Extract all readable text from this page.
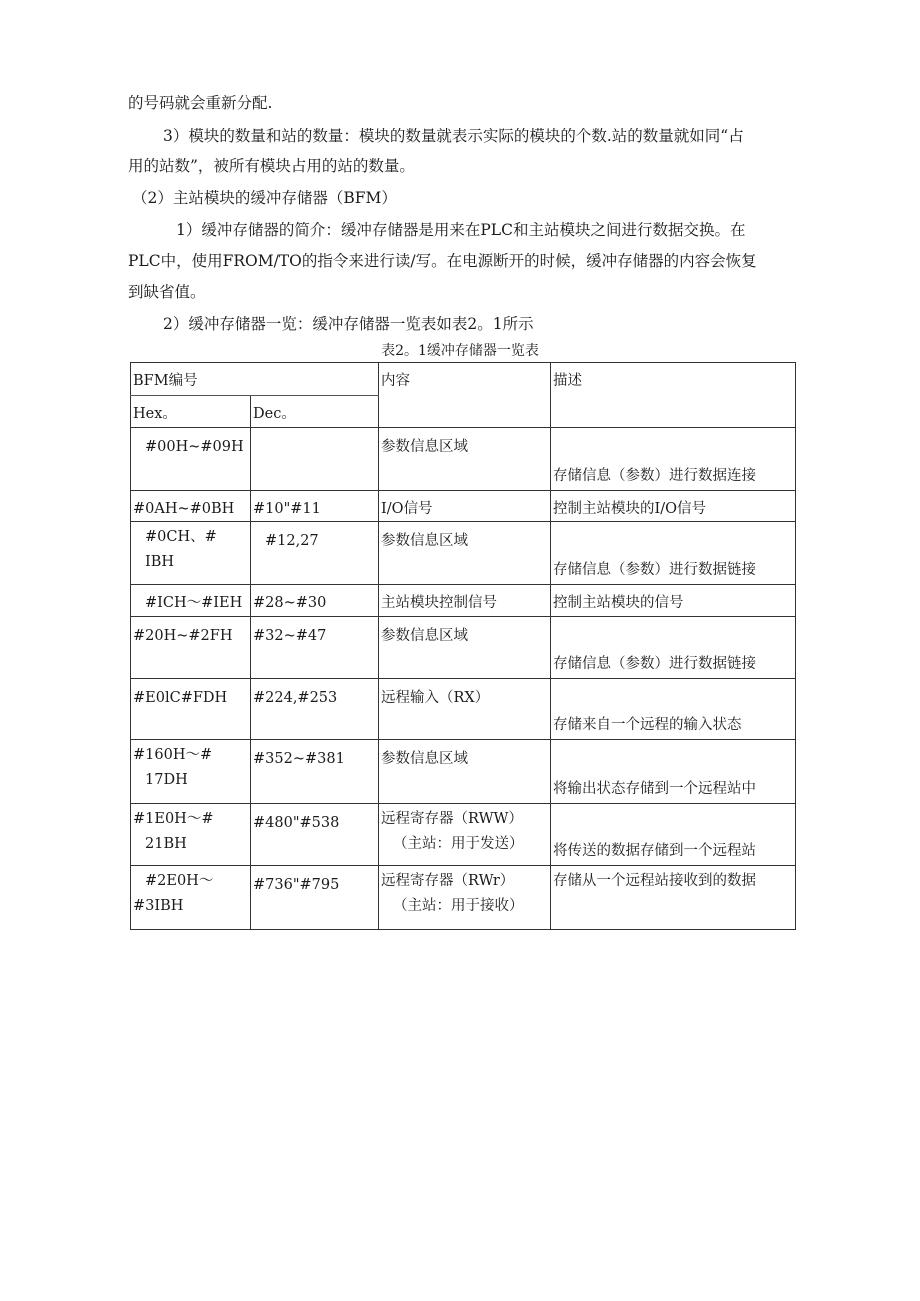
的号码就会重新分配.
3）模块的数量和站的数量：模块的数量就表示实际的模块的个数.站的数量就如同“占
用的站数”，被所有模块占用的站的数量。
（2）主站模块的缓冲存储器（BFM）
1）缓冲存储器的简介：缓冲存储器是用来在PLC和主站模块之间进行数据交换。在
PLC中，使用FROM/TO的指令来进行读/写。在电源断开的时候，缓冲存储器的内容会恢复
到缺省值。
2）缓冲存储器一览：缓冲存储器一览表如表2。1所示
表2。1缓冲存储器一览表
BFM编号		内容	描述

Hex。	Dec。		

#00H~#09H		参数信息区域	存储信息（参数）进行数据连接

#0AH~#0BH	#10"#11	I/O信号	控制主站模块的I/O信号

#0CH、#
IBH	#12,27	参数信息区域	存储信息（参数）进行数据链接

#ICH～#IEH	#28~#30	主站模块控制信号	控制主站模块的信号

#20H~#2FH	#32~#47	参数信息区域	存储信息（参数）进行数据链接

#E0lC#FDH	#224,#253	远程输入（RX）	存储来自一个远程的输入状态

#160H～#
17DH	#352~#381	参数信息区域	将输出状态存储到一个远程站中

#1E0H～#
21BH	#480"#538	远程寄存器（RWW）
（主站：用于发送）	将传送的数据存储到一个远程站

#2E0H～
#3IBH	#736"#795	远程寄存器（RWr）
（主站：用于接收）	存储从一个远程站接收到的数据
